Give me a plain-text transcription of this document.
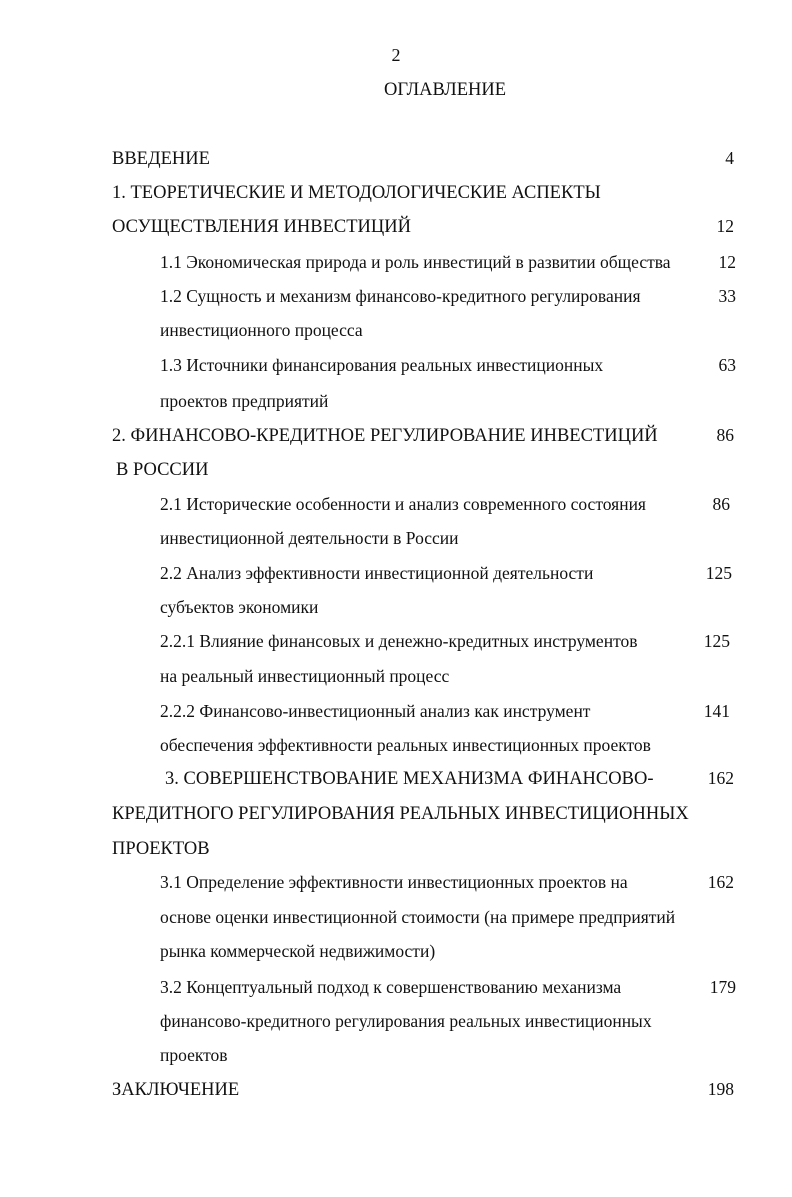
2
ОГЛАВЛЕНИЕ
ВВЕДЕНИЕ	4
1. ТЕОРЕТИЧЕСКИЕ И МЕТОДОЛОГИЧЕСКИЕ АСПЕКТЫ
ОСУЩЕСТВЛЕНИЯ ИНВЕСТИЦИЙ	12
1.1 Экономическая природа и роль инвестиций в развитии общества	12
1.2 Сущность и механизм финансово-кредитного регулирования	33
инвестиционного процесса
1.3 Источники финансирования реальных инвестиционных	63
проектов предприятий
2. ФИНАНСОВО-КРЕДИТНОЕ РЕГУЛИРОВАНИЕ ИНВЕСТИЦИЙ	86
В РОССИИ
2.1 Исторические особенности и анализ современного состояния	86
инвестиционной деятельности в России
2.2 Анализ эффективности инвестиционной деятельности	125
субъектов экономики
2.2.1 Влияние финансовых и денежно-кредитных инструментов	125
на реальный инвестиционный процесс
2.2.2 Финансово-инвестиционный анализ как инструмент	141
обеспечения эффективности реальных инвестиционных проектов
3. СОВЕРШЕНСТВОВАНИЕ МЕХАНИЗМА ФИНАНСОВО-	162
КРЕДИТНОГО РЕГУЛИРОВАНИЯ РЕАЛЬНЫХ ИНВЕСТИЦИОННЫХ
ПРОЕКТОВ
3.1 Определение эффективности инвестиционных проектов на	162
основе оценки инвестиционной стоимости (на примере предприятий
рынка коммерческой недвижимости)
3.2 Концептуальный подход к совершенствованию механизма	179
финансово-кредитного регулирования реальных инвестиционных
проектов
ЗАКЛЮЧЕНИЕ	198
